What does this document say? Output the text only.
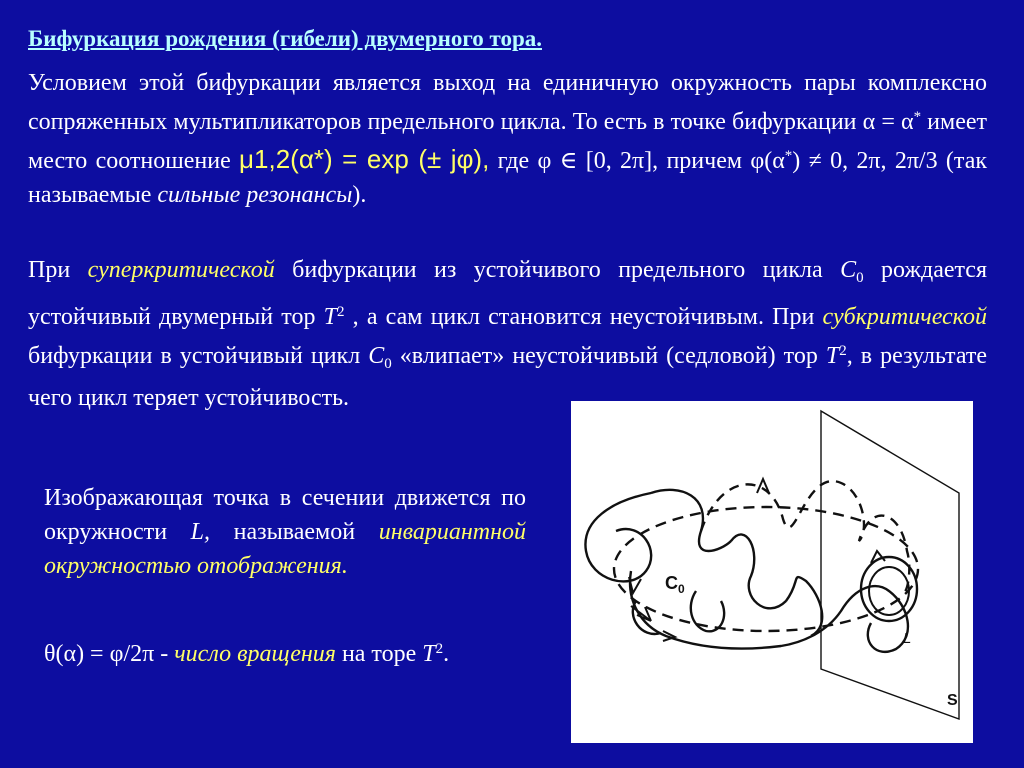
Бифуркация рождения (гибели) двумерного тора.
Условием этой бифуркации является выход на единичную окружность пары комплексно сопряженных мультипликаторов предельного цикла. То есть в точке бифуркации α = α* имеет место соотношение μ1,2(α*) = exp (± jφ), где φ ∈ [0, 2π], причем φ(α*) ≠ 0, 2π, 2π/3 (так называемые сильные резонансы).
При суперкритической бифуркации из устойчивого предельного цикла $C_0$ рождается устойчивый двумерный тор $T^2$ , а сам цикл становится неустойчивым. При субкритической бифуркации в устойчивый цикл $C_0$ «влипает» неустойчивый (седловой) тор $T^2$, в результате чего цикл теряет устойчивость.
Изображающая точка в сечении движется по окружности L, называемой инвариантной окружностью отображения.
θ(α) = φ/2π - число вращения на торе $T^2$.
$C_0$
L
S
